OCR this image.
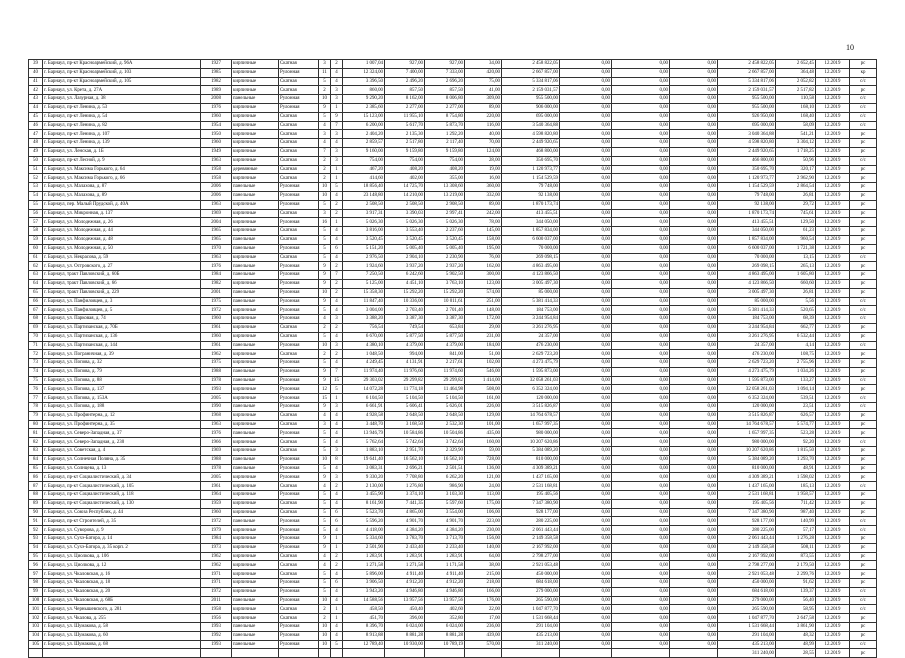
10
39	г. Барнаул, пр-кт Красноармейский, д. 96А	1927	кирпичные	Скатная	3	2	1 007,04	927,00	927,00	34,00	2 458 822,05	0,00	0,00	0,00	2 458 822,05	2 652,45	12.2019	рс
40	г. Барнаул, пр-кт Красноармейский, д. 103	1985	кирпичные	Рулонная	11	4	12 324,00	7 400,00	7 333,00	420,00	2 667 857,00	0,00	0,00	0,00	2 667 857,00	364,48	12.2019	кр
41	г. Барнаул, пр-кт Красноармейский, д. 105	1982	кирпичные	Скатная	5	4	3 396,50	2 496,20	2 696,20	75,00	5 334 817,06	0,00	0,00	0,00	5 334 817,06	2 052,82	12.2019	с/с
42	г. Барнаул, ул. Крета, д. 27А	1989	кирпичные	Скатная	2	3	860,00	857,50	857,50	41,00	2 159 031,57	0,00	0,00	0,00	2 159 031,57	2 517,82	12.2019	рс
43	г. Барнаул, ул. Лазурная, д. 38	2008	панельные	Рулонная	10	3	9 290,20	8 162,00	8 006,80	309,00	955 500,00	0,00	0,00	0,00	955 500,00	110,58	12.2019	с/с
44	г. Барнаул, пр-кт Ленина, д. 53	1976	кирпичные	Рулонная	9	1	2 385,60	2 277,00	2 277,00	89,00	906 000,00	0,00	0,00	0,00	955 500,00	168,10	12.2019	с/с
45	г. Барнаул, пр-кт Ленина, д. 54	1960	кирпичные	Скатная	5	9	15 123,00	11 955,10	8 754,80	220,00	695 000,00	0,00	0,00	0,00	926 950,00	168,40	12.2019	с/с
46	г. Барнаул, пр-кт Ленина, д. 82	1954	кирпичные	Скатная	4	7	6 200,00	5 617,70	5 873,70	116,00	3 540 364,88	0,00	0,00	0,00	695 000,00	58,09	12.2019	с/с
47	г. Барнаул, пр-кт Ленина, д. 107	1950	кирпичные	Скатная	3	3	2 404,20	2 135,30	1 292,20	40,00	4 598 820,80	0,00	0,00	0,00	3 040 364,88	541,21	12.2019	рс
48	г. Барнаул, пр-кт Ленина, д. 139	1960	кирпичные	Скатная	4	4	2 859,57	2 517,80	2 117,40	70,00	2 449 920,65	0,00	0,00	0,00	4 598 820,80	3 304,12	12.2019	рс
49	г. Барнаул, ул. Ленская, д. 1Б	1949	кирпичные	Скатная	7	3	9 160,00	9 159,80	9 159,80	124,00	468 800,00	0,00	0,00	0,00	2 449 920,65	1 718,25	12.2019	рс
50	г. Барнаул, пр-кт Лесной, д. 9	1963	кирпичные	Скатная	2	3	754,00	754,00	754,00	28,00	350 695,70	0,00	0,00	0,00	466 800,00	50,96	12.2019	с/с
51	г. Барнаул, ул. Максима Горького, д. 64	1958	деревянные	Скатная	2	1	467,20	408,20	408,20	19,00	1 120 973,77	0,00	0,00	0,00	350 695,70	320,17	12.2019	рс
52	г. Барнаул, ул. Максима Горького, д. 66	1958	кирпичные	Скатная	2	1	414,60	402,00	355,00	16,00	1 154 529,59	0,00	0,00	0,00	1 120 973,77	2 962,90	12.2019	рс
53	г. Барнаул, ул. Малахова, д. 87	2006	панельные	Рулонная	10	5	18 856,40	14 725,70	13 308,60	360,00	79 748,00	0,00	0,00	0,00	1 154 529,59	2 864,54	12.2019	рс
54	г. Барнаул, ул. Малахова, д. 89	2006	панельные	Рулонная	10	4	23 148,80	14 210,00	13 219,00	332,00	92 138,00	0,00	0,00	0,00	79 748,00	26,81	12.2019	рс
55	г. Барнаул, пер. Малый Прудской, д. 40А	1963	кирпичные	Рулонная	5	2	2 508,50	2 508,50	2 908,50	89,00	1 870 173,74	0,00	0,00	0,00	92 138,00	29,72	12.2019	рс
56	г. Барнаул, ул. Микронная, д. 137	1969	кирпичные	Скатная	3	2	3 917,31	3 390,03	2 997,41	242,00	413 455,51	0,00	0,00	0,00	1 870 173,74	745,61	12.2019	рс
57	г. Барнаул, ул. Молодежная, д. 26	2004	кирпичные	Рулонная	16	1	5 026,30	5 026,30	5 026,30	78,00	344 050,00	0,00	0,00	0,00	413 455,51	129,50	12.2019	рс
58	г. Барнаул, ул. Молодежная, д. 44	1965	кирпичные	Скатная	5	4	3 816,00	3 553,40	2 237,60	145,00	1 857 834,00	0,00	0,00	0,00	344 050,00	61,23	12.2019	рс
59	г. Барнаул, ул. Молодежная, д. 48	1965	панельные	Скатная	5	4	3 520,45	3 520,45	3 520,45	158,00	6 600 037,00	0,00	0,00	0,00	1 857 834,00	960,54	12.2019	рс
60	г. Барнаул, ул. Молодежная, д. 50	1970	панельные	Рулонная	5	6	5 151,20	5 005,40	5 005,40	195,00	70 000,00	0,00	0,00	0,00	6 600 037,00	1 721,38	12.2019	рс
61	г. Барнаул, ул. Некрасова, д. 59	1963	кирпичные	Скатная	5	4	2 976,50	2 904,10	2 230,90	76,00	269 098,15	0,00	0,00	0,00	70 000,00	13,15	12.2019	с/с
62	г. Барнаул, ул. Островского, д. 27	1976	панельные	Рулонная	9	2	1 924,60	3 937,20	2 937,20	162,00	4 863 495,00	0,00	0,00	0,00	269 098,15	265,13	12.2019	рс
63	г. Барнаул, тракт Павловский, д. 60Б	1984	панельные	Рулонная	9	7	7 250,50	6 242,60	5 902,50	300,00	4 123 866,50	0,00	0,00	0,00	4 863 495,00	1 605,80	12.2019	рс
64	г. Барнаул, тракт Павловский, д. 66	1982	кирпичные	Рулонная	9	2	5 125,00	4 451,10	3 763,10	123,00	3 005 497,30	0,00	0,00	0,00	4 123 866,50	660,60	12.2019	рс
65	г. Барнаул, тракт Павловский, д. 229	2001	панельные	Рулонная	10	2	15 358,30	15 292,20	15 292,20	574,00	85 000,00	0,00	0,00	0,00	3 005 497,30	26,81	12.2019	рс
66	г. Барнаул, ул. Панфиловцев, д. 3	1975	панельные	Рулонная	9	4	11 847,40	10 336,00	10 011,61	251,00	5 381 414,33	0,00	0,00	0,00	85 000,00	5,56	12.2019	с/с
67	г. Барнаул, ул. Панфиловцев, д. 5	1972	кирпичные	Рулонная	5	4	3 004,00	2 703,40	2 701,40	148,00	184 753,00	0,00	0,00	0,00	5 381 414,33	520,65	12.2019	с/с
68	г. Барнаул, ул. Парковая, д. 74	1960	кирпичные	Рулонная	4	3	3 388,20	3 387,30	3 387,30	172,00	3 244 954,84	0,00	0,00	0,00	184 753,00	68,39	12.2019	с/с
69	г. Барнаул, ул. Партизанская, д. 70Б	1961	кирпичные	Скатная	2	2	756,54	749,54	653,84	29,00	3 261 276,95	0,00	0,00	0,00	3 244 954,84	662,77	12.2019	рс
70	г. Барнаул, ул. Партизанская, д. 136	1960	кирпичные	Скатная	5	4	6 670,00	5 877,50	5 877,50	231,00	24 357,00	0,00	0,00	0,00	3 261 276,95	6 532,44	12.2019	рс
71	г. Барнаул, ул. Партизанская, д. 144	1961	панельные	Рулонная	10	3	4 380,10	4 379,00	4 379,00	184,00	476 230,00	0,00	0,00	0,00	24 357,00	4,14	12.2019	с/с
72	г. Барнаул, ул. Пограничная, д. 39	1962	кирпичные	Скатная	2	2	1 048,50	994,00	841,00	51,00	2 629 723,20	0,00	0,00	0,00	476 230,00	108,75	12.2019	рс
73	г. Барнаул, ул. Попова, д. 32	1975	кирпичные	Рулонная	5	4	4 249,45	4 131,91	2 217,61	102,00	4 273 475,79	0,00	0,00	0,00	2 629 723,20	2 755,96	12.2019	рс
74	г. Барнаул, ул. Попова, д. 79	1988	панельные	Рулонная	9	7	11 974,40	11 976,60	11 974,60	546,00	1 595 873,00	0,00	0,00	0,00	4 273 475,79	1 034,26	12.2019	рс
75	г. Барнаул, ул. Попова, д. 88	1978	панельные	Рулонная	9	15	29 303,02	29 299,82	29 299,82	1 414,00	32 058 261,03	0,00	0,00	0,00	1 595 873,00	133,27	12.2019	с/с
76	г. Барнаул, ул. Попова, д. 137	1993	кирпичные	Рулонная	12	5	14 072,28	11 774,18	11 464,98	508,00	6 352 324,00	0,00	0,00	0,00	32 058 261,03	1 094,14	12.2019	рс
77	г. Барнаул, ул. Попова, д. 153А	2005	кирпичные	Рулонная	15	1	6 104,50	5 104,50	5 104,50	161,00	120 000,00	0,00	0,00	0,00	6 352 324,00	539,51	12.2019	с/с
78	г. Барнаул, ул. Попова, д. 188	1990	панельные	Рулонная	9	3	6 661,91	5 606,41	5 626,01	226,00	3 515 826,87	0,00	0,00	0,00	120 000,00	23,51	12.2019	с/с
79	г. Барнаул, ул. Профинтерна, д. 12	1968	кирпичные	Скатная	4	4	4 928,58	2 648,50	2 648,50	129,00	14 764 678,57	0,00	0,00	0,00	3 515 826,87	626,57	12.2019	рс
80	г. Барнаул, ул. Профинтерна, д. 35	1963	кирпичные	Скатная	3	4	3 448,70	3 168,50	2 532,30	101,00	1 657 997,35	0,00	0,00	0,00	14 764 678,57	5 574,77	12.2019	рс
81	г. Барнаул, ул. Северо-Западная, д. 37	1976	панельные	Рулонная	5	4	13 946,79	10 584,86	10 504,86	435,00	980 000,00	0,00	0,00	0,00	1 657 997,35	523,28	12.2019	рс
82	г. Барнаул, ул. Северо-Западная, д. 230	1966	кирпичные	Скатная	5	4	5 762,64	5 742,64	3 742,64	160,00	10 207 620,86	0,00	0,00	0,00	980 000,00	92,20	12.2019	с/с
83	г. Барнаул, ул. Советская, д. 4	1969	кирпичные	Скатная	5	3	1 883,10	2 951,70	2 329,90	59,00	5 384 089,20	0,00	0,00	0,00	10 207 620,86	1 815,50	12.2019	рс
84	г. Барнаул, ул. Солнечная Поляна, д. 35	1988	панельные	Рулонная	10	8	19 641,40	16 562,10	16 562,10	728,00	810 000,00	0,00	0,00	0,00	5 384 089,20	1 293,70	12.2019	рс
85	г. Барнаул, ул. Солнцева, д. 13	1978	панельные	Рулонная	5	4	3 083,31	2 696,21	2 501,51	136,00	4 309 389,21	0,00	0,00	0,00	810 000,00	48,91	12.2019	рс
86	г. Барнаул, пр-кт Социалистический, д. 34	2005	кирпичные	Рулонная	9	3	9 330,20	7 708,80	6 262,20	121,00	1 437 165,00	0,00	0,00	0,00	4 309 389,21	1 598,02	12.2019	рс
87	г. Барнаул, пр-кт Социалистический, д. 105	1961	кирпичные	Скатная	4	2	2 130,00	1 276,80	986,90	24,00	2 531 168,81	0,00	0,00	0,00	1 437 165,00	185,13	12.2019	с/с
88	г. Барнаул, пр-кт Социалистический, д. 118	1964	кирпичные	Рулонная	5	4	3 455,90	3 374,10	3 103,30	113,00	195 405,56	0,00	0,00	0,00	2 531 168,81	1 958,57	12.2019	рс
89	г. Барнаул, пр-кт Социалистический, д. 130	1959	кирпичные	Скатная	5	4	8 161,90	7 441,35	5 597,60	175,00	7 347 380,90	0,00	0,00	0,00	195 405,56	711,42	12.2019	рс
90	г. Барнаул, ул. Союза Республик, д. 44	1960	кирпичные	Скатная	5	6	5 523,70	4 865,00	3 554,00	106,00	928 177,00	0,00	0,00	0,00	7 347 380,90	987,40	12.2019	рс
91	г. Барнаул, пр-кт Строителей, д. 35	1972	панельные	Рулонная	5	6	5 596,20	4 901,70	4 901,70	223,00	280 225,00	0,00	0,00	0,00	928 177,00	140,99	12.2019	с/с
92	г. Барнаул, ул. Суворова, д. 9	1979	кирпичные	Рулонная	5	4	4 418,00	4 384,20	4 384,20	230,00	2 061 443,44	0,00	0,00	0,00	280 225,00	57,17	12.2019	с/с
93	г. Барнаул, ул. Сухэ-Батора, д. 14	1984	кирпичные	Рулонная	9	1	5 334,60	3 783,70	3 713,70	156,00	2 149 358,58	0,00	0,00	0,00	2 061 443,44	1 276,28	12.2019	рс
94	г. Барнаул, ул. Сухэ-Батора, д. 35 корп. 2	1973	кирпичные	Рулонная	9	1	2 501,90	2 433,40	2 233,40	140,00	2 167 992,00	0,00	0,00	0,00	2 149 358,58	508,11	12.2019	рс
95	г. Барнаул, ул. Циолкова, д. 106	1962	кирпичные	Скатная	4	2	1 283,91	1 283,91	1 283,91	64,00	2 798 277,00	0,00	0,00	0,00	2 167 992,00	873,55	12.2019	рс
96	г. Барнаул, ул. Циолкова, д. 12	1962	кирпичные	Скатная	4	2	1 271,58	1 271,58	1 171,58	38,00	2 921 053,48	0,00	0,00	0,00	2 798 277,00	2 179,50	12.2019	рс
97	г. Барнаул, ул. Чкаловская, д. 16	1971	кирпичные	Скатная	5	4	5 896,00	4 911,40	4 911,40	215,00	450 000,00	0,00	0,00	0,00	2 921 053,48	2 299,76	12.2019	рс
98	г. Барнаул, ул. Чкаловская, д. 18	1971	кирпичные	Рулонная	5	6	3 906,50	4 912,20	4 912,20	218,00	684 618,00	0,00	0,00	0,00	450 000,00	91,62	12.2019	рс
99	г. Барнаул, ул. Чкаловская, д. 20	1972	кирпичные	Рулонная	5	4	3 943,20	4 946,80	4 946,80	166,00	279 000,00	0,00	0,00	0,00	684 618,00	139,37	12.2019	с/с
100	г. Барнаул, ул. Чкаловская, д. 68Б	2011	панельные	Рулонная	10	4	14 588,56	13 957,56	13 957,56	176,00	265 590,00	0,00	0,00	0,00	279 000,00	56,40	12.2019	с/с
101	г. Барнаул, ул. Чернышевского, д. 281	1958	кирпичные	Скатная	2	1	458,50	450,40	402,60	22,00	1 047 877,70	0,00	0,00	0,00	265 590,00	58,95	12.2019	с/с
102	г. Барнаул, ул. Чкалова, д. 255	1956	кирпичные	Скатная	2	1	451,70	396,00	352,80	17,00	1 531 668,44	0,00	0,00	0,00	1 047 877,70	2 647,58	12.2019	рс
103	г. Барнаул, ул. Шумакова, д. 58	1993	панельные	Рулонная	10	4	8 396,70	6 024,00	6 024,00	236,00	291 104,00	0,00	0,00	0,00	1 531 668,44	3 861,90	12.2019	рс
104	г. Барнаул, ул. Шумакова, д. 60	1992	панельные	Рулонная	10	4	8 913,88	8 881,28	8 881,28	439,00	435 213,00	0,00	0,00	0,00	291 104,00	48,32	12.2019	рс
105	г. Барнаул, ул. Шумакова, д. 68	1993	панельные	Рулонная	10	5	12 789,40	10 930,00	10 789,19	570,00	311 240,00	0,00	0,00	0,00	435 213,00	48,99	12.2019	с/с
															311 240,00	28,55	12.2019	рс
